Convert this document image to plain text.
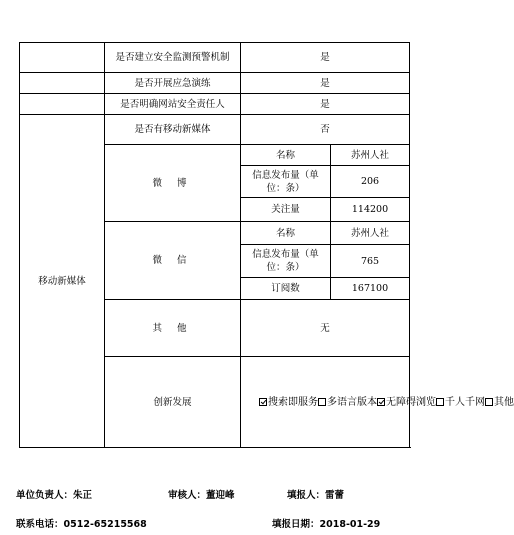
	是否建立安全监测预警机制	是	
	是否开展应急演练	是	
	是否明确网站安全责任人	是	
移动新媒体	是否有移动新媒体	否	
	微 博	名称	苏州人社
		信息发布量（单位：条）	206
		关注量	114200
	微 信	名称	苏州人社
		信息发布量（单位：条）	765
		订阅数	167100
	其 他	无	
	创新发展	搜索即服务 多语言版本 无障碍浏览 千人千网 其他	
单位负责人：朱正	审核人：董迎峰	填报人：雷蕾
联系电话：0512-65215568	填报日期：2018-01-29
